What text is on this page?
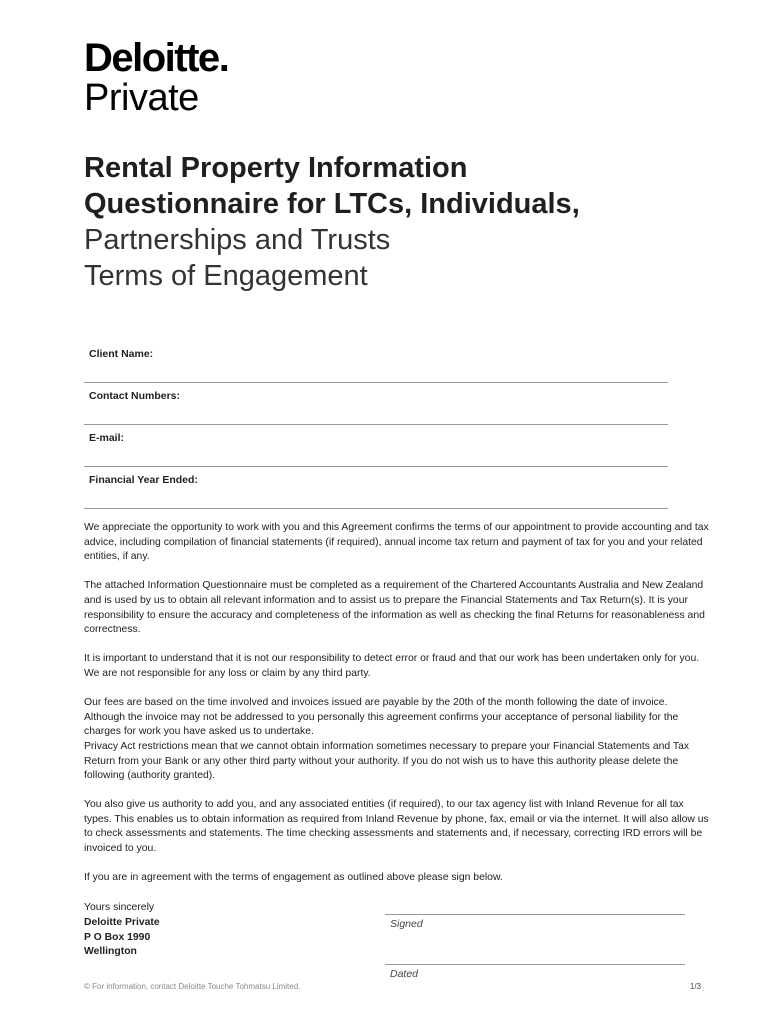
Deloitte.
Private
Rental Property Information
Questionnaire for LTCs, Individuals,
Partnerships and Trusts
Terms of Engagement
Client Name:
Contact Numbers:
E-mail:
Financial Year Ended:

We appreciate the opportunity to work with you and this Agreement confirms the terms of our appointment to provide accounting and tax advice, including compilation of financial statements (if required), annual income tax return and payment of tax for you and your related entities, if any.

The attached Information Questionnaire must be completed as a requirement of the Chartered Accountants Australia and New Zealand and is used by us to obtain all relevant information and to assist us to prepare the Financial Statements and Tax Return(s). It is your responsibility to ensure the accuracy and completeness of the information as well as checking the final Returns for reasonableness and correctness.

It is important to understand that it is not our responsibility to detect error or fraud and that our work has been undertaken only for you. We are not responsible for any loss or claim by any third party.

Our fees are based on the time involved and invoices issued are payable by the 20th of the month following the date of invoice. Although the invoice may not be addressed to you personally this agreement confirms your acceptance of personal liability for the charges for work you have asked us to undertake.

Privacy Act restrictions mean that we cannot obtain information sometimes necessary to prepare your Financial Statements and Tax Return from your Bank or any other third party without your authority. If you do not wish us to have this authority please delete the following (authority granted).

You also give us authority to add you, and any associated entities (if required), to our tax agency list with Inland Revenue for all tax types. This enables us to obtain information as required from Inland Revenue by phone, fax, email or via the internet. It will also allow us to check assessments and statements. The time checking assessments and statements and, if necessary, correcting IRD errors will be invoiced to you.

If you are in agreement with the terms of engagement as outlined above please sign below.

Yours sincerely
Deloitte Private
P O Box 1990
Wellington
Signed
Dated
© For information, contact Deloitte Touche Tohmatsu Limited.	1/3
